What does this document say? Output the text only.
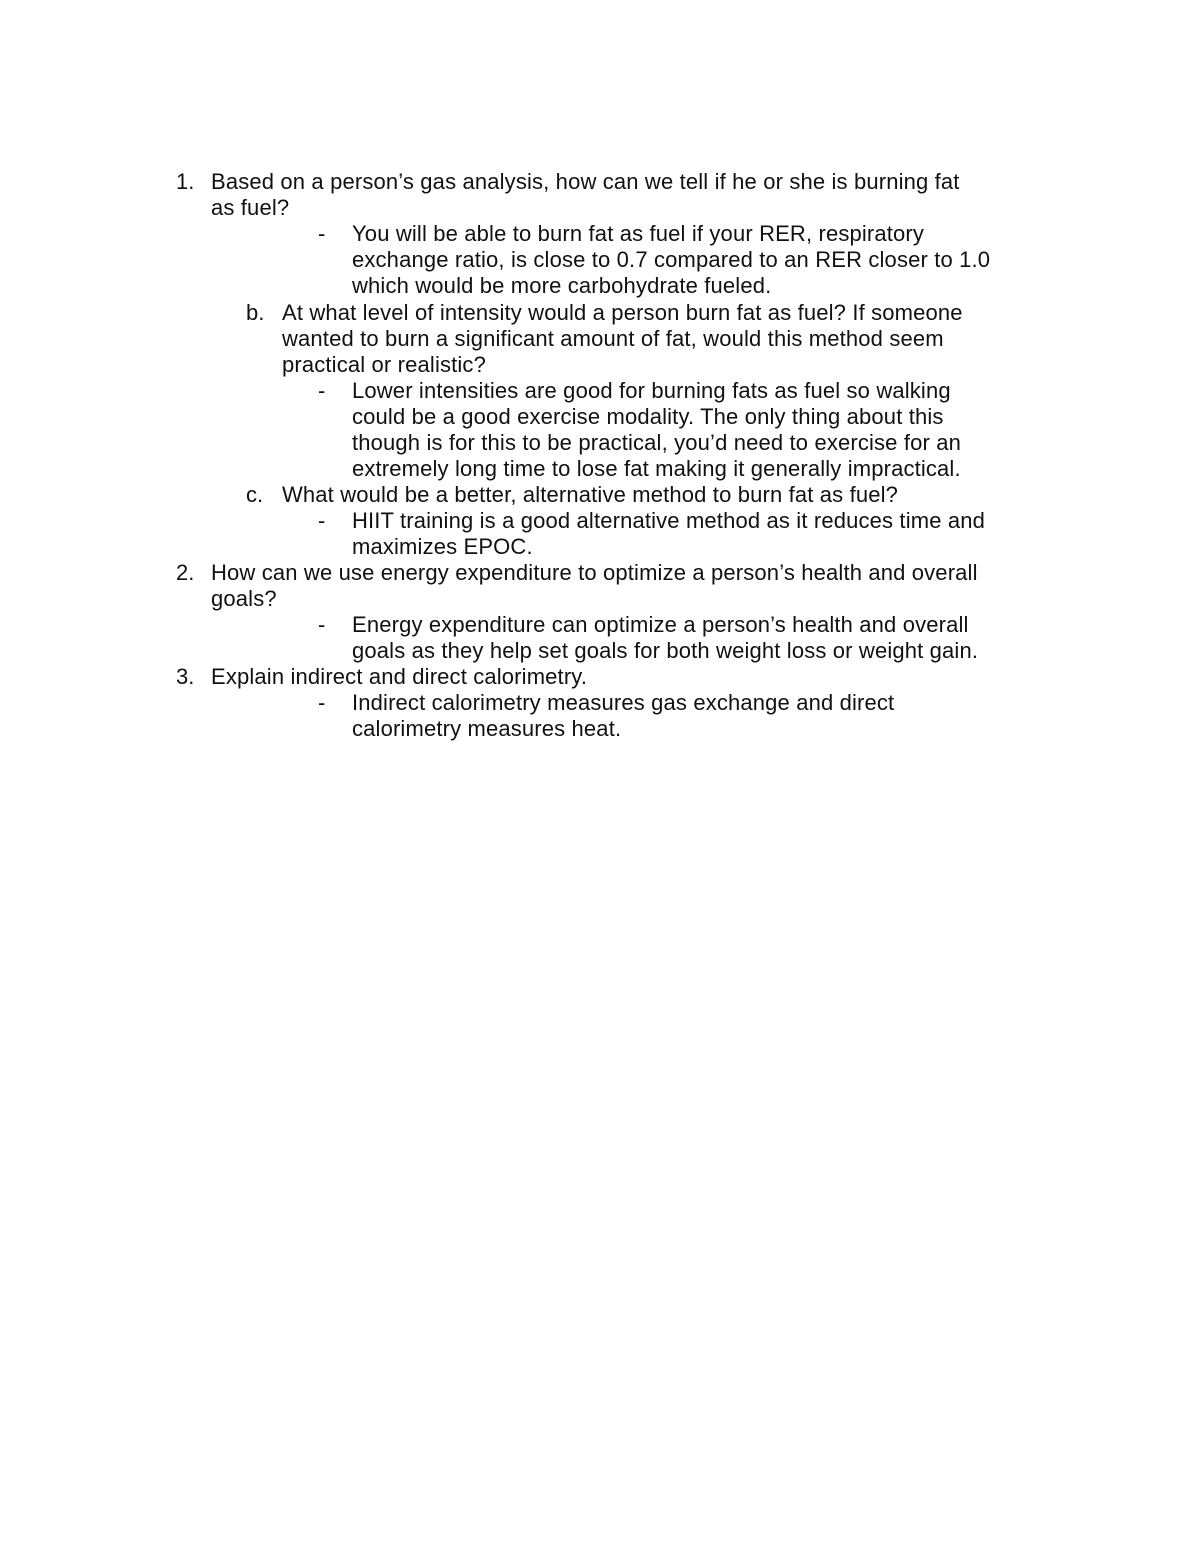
1. Based on a person’s gas analysis, how can we tell if he or she is burning fat
as fuel?
- You will be able to burn fat as fuel if your RER, respiratory
exchange ratio, is close to 0.7 compared to an RER closer to 1.0
which would be more carbohydrate fueled.
b. At what level of intensity would a person burn fat as fuel? If someone
wanted to burn a significant amount of fat, would this method seem
practical or realistic?
- Lower intensities are good for burning fats as fuel so walking
could be a good exercise modality. The only thing about this
though is for this to be practical, you’d need to exercise for an
extremely long time to lose fat making it generally impractical.
c. What would be a better, alternative method to burn fat as fuel?
- HIIT training is a good alternative method as it reduces time and
maximizes EPOC.
2. How can we use energy expenditure to optimize a person’s health and overall
goals?
- Energy expenditure can optimize a person’s health and overall
goals as they help set goals for both weight loss or weight gain.
3. Explain indirect and direct calorimetry.
- Indirect calorimetry measures gas exchange and direct
calorimetry measures heat.
